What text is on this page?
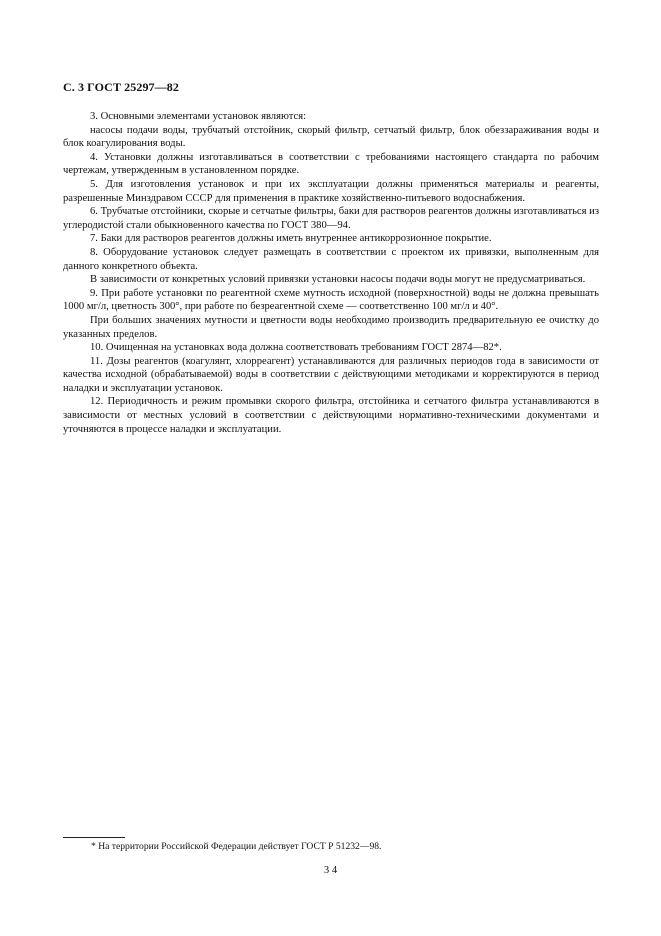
С. 3 ГОСТ 25297—82

3. Основными элементами установок являются:

насосы подачи воды, трубчатый отстойник, скорый фильтр, сетчатый фильтр, блок обеззараживания воды и блок коагулирования воды.

4. Установки должны изготавливаться в соответствии с требованиями настоящего стандарта по рабочим чертежам, утвержденным в установленном порядке.

5. Для изготовления установок и при их эксплуатации должны применяться материалы и реагенты, разрешенные Минздравом СССР для применения в практике хозяйственно-питьевого водоснабжения.

6. Трубчатые отстойники, скорые и сетчатые фильтры, баки для растворов реагентов должны изготавливаться из углеродистой стали обыкновенного качества по ГОСТ 380—94.

7. Баки для растворов реагентов должны иметь внутреннее антикоррозионное покрытие.

8. Оборудование установок следует размещать в соответствии с проектом их привязки, выполненным для данного конкретного объекта.

В зависимости от конкретных условий привязки установки насосы подачи воды могут не предусматриваться.

9. При работе установки по реагентной схеме мутность исходной (поверхностной) воды не должна превышать 1000 мг/л, цветность 300°, при работе по безреагентной схеме — соответственно 100 мг/л и 40°.

При больших значениях мутности и цветности воды необходимо производить предварительную ее очистку до указанных пределов.

10. Очищенная на установках вода должна соответствовать требованиям ГОСТ 2874—82*.

11. Дозы реагентов (коагулянт, хлорреагент) устанавливаются для различных периодов года в зависимости от качества исходной (обрабатываемой) воды в соответствии с действующими методиками и корректируются в период наладки и эксплуатации установок.

12. Периодичность и режим промывки скорого фильтра, отстойника и сетчатого фильтра устанавливаются в зависимости от местных условий в соответствии с действующими нормативно-техническими документами и уточняются в процессе наладки и эксплуатации.

* На территории Российской Федерации действует ГОСТ Р 51232—98.
3 4
